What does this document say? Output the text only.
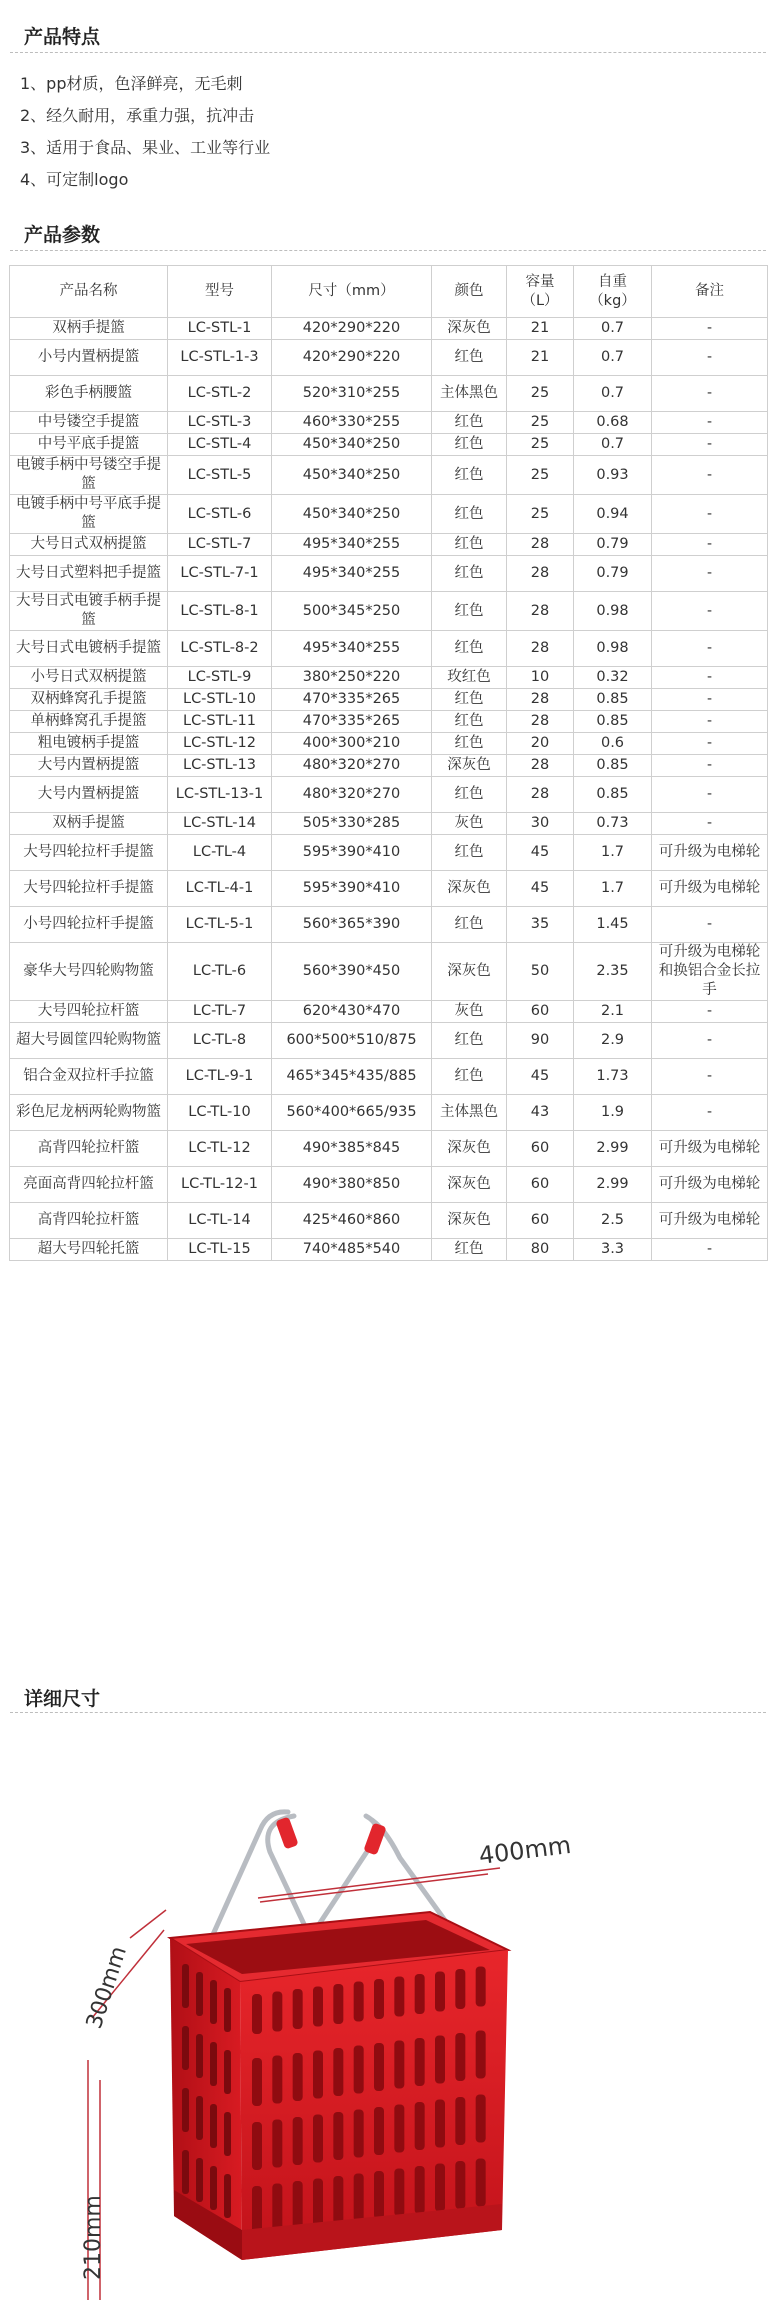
产品特点
1、pp材质，色泽鲜亮，无毛刺
2、经久耐用，承重力强，抗冲击
3、适用于食品、果业、工业等行业
4、可定制logo
产品参数
产品名称	型号	尺寸（mm）	颜色	容量（L）	自重（kg）	备注
双柄手提篮	LC-STL-1	420*290*220	深灰色	21	0.7	-
小号内置柄提篮	LC-STL-1-3	420*290*220	红色	21	0.7	-
彩色手柄腰篮	LC-STL-2	520*310*255	主体黑色	25	0.7	-
中号镂空手提篮	LC-STL-3	460*330*255	红色	25	0.68	-
中号平底手提篮	LC-STL-4	450*340*250	红色	25	0.7	-
电镀手柄中号镂空手提篮	LC-STL-5	450*340*250	红色	25	0.93	-
电镀手柄中号平底手提篮	LC-STL-6	450*340*250	红色	25	0.94	-
大号日式双柄提篮	LC-STL-7	495*340*255	红色	28	0.79	-
大号日式塑料把手提篮	LC-STL-7-1	495*340*255	红色	28	0.79	-
大号日式电镀手柄手提篮	LC-STL-8-1	500*345*250	红色	28	0.98	-
大号日式电镀柄手提篮	LC-STL-8-2	495*340*255	红色	28	0.98	-
小号日式双柄提篮	LC-STL-9	380*250*220	玫红色	10	0.32	-
双柄蜂窝孔手提篮	LC-STL-10	470*335*265	红色	28	0.85	-
单柄蜂窝孔手提篮	LC-STL-11	470*335*265	红色	28	0.85	-
粗电镀柄手提篮	LC-STL-12	400*300*210	红色	20	0.6	-
大号内置柄提篮	LC-STL-13	480*320*270	深灰色	28	0.85	-
大号内置柄提篮	LC-STL-13-1	480*320*270	红色	28	0.85	-
双柄手提篮	LC-STL-14	505*330*285	灰色	30	0.73	-
大号四轮拉杆手提篮	LC-TL-4	595*390*410	红色	45	1.7	可升级为电梯轮
大号四轮拉杆手提篮	LC-TL-4-1	595*390*410	深灰色	45	1.7	可升级为电梯轮
小号四轮拉杆手提篮	LC-TL-5-1	560*365*390	红色	35	1.45	-
豪华大号四轮购物篮	LC-TL-6	560*390*450	深灰色	50	2.35	可升级为电梯轮和换铝合金长拉手
大号四轮拉杆篮	LC-TL-7	620*430*470	灰色	60	2.1	-
超大号圆筐四轮购物篮	LC-TL-8	600*500*510/875	红色	90	2.9	-
铝合金双拉杆手拉篮	LC-TL-9-1	465*345*435/885	红色	45	1.73	-
彩色尼龙柄两轮购物篮	LC-TL-10	560*400*665/935	主体黑色	43	1.9	-
高背四轮拉杆篮	LC-TL-12	490*385*845	深灰色	60	2.99	可升级为电梯轮
亮面高背四轮拉杆篮	LC-TL-12-1	490*380*850	深灰色	60	2.99	可升级为电梯轮
高背四轮拉杆篮	LC-TL-14	425*460*860	深灰色	60	2.5	可升级为电梯轮
超大号四轮托篮	LC-TL-15	740*485*540	红色	80	3.3	-
详细尺寸
400mm
300mm
210mm
